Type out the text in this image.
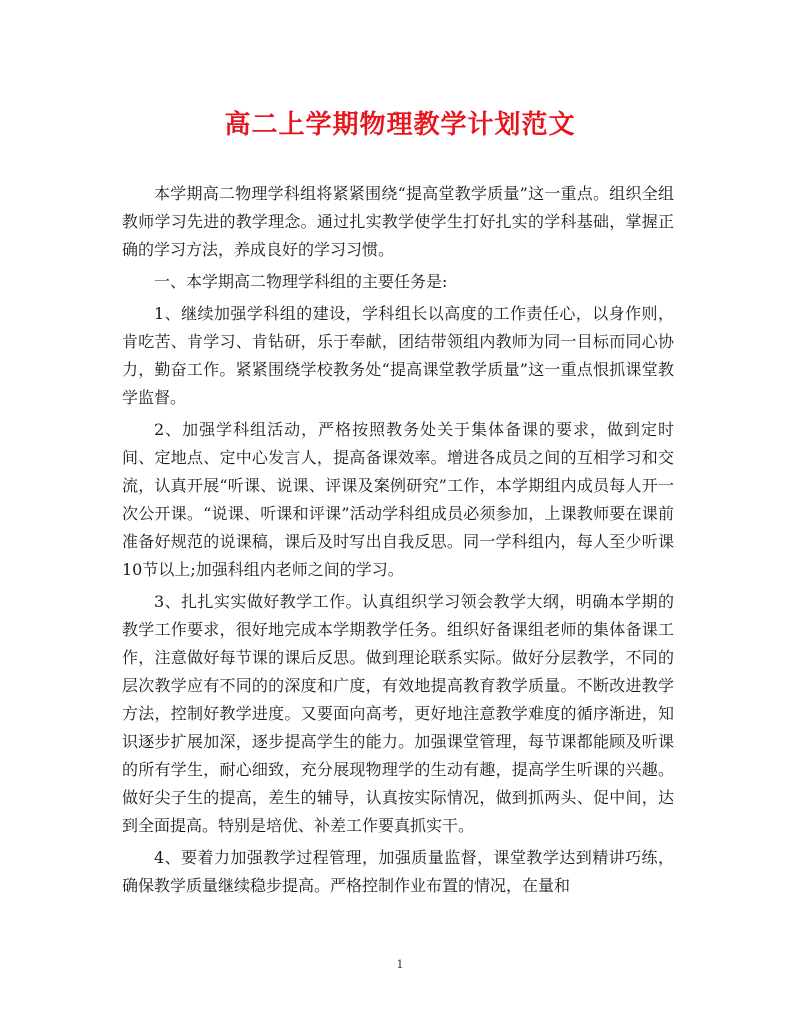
高二上学期物理教学计划范文

本学期高二物理学科组将紧紧围绕“提高堂教学质量”这一重点。组织全组教师学习先进的教学理念。通过扎实教学使学生打好扎实的学科基础，掌握正确的学习方法，养成良好的学习习惯。

一、本学期高二物理学科组的主要任务是:

1、继续加强学科组的建设，学科组长以高度的工作责任心，以身作则，肯吃苦、肯学习、肯钻研，乐于奉献，团结带领组内教师为同一目标而同心协力，勤奋工作。紧紧围绕学校教务处“提高课堂教学质量”这一重点恨抓课堂教学监督。

2、加强学科组活动，严格按照教务处关于集体备课的要求，做到定时间、定地点、定中心发言人，提高备课效率。增进各成员之间的互相学习和交流，认真开展“听课、说课、评课及案例研究”工作，本学期组内成员每人开一次公开课。“说课、听课和评课”活动学科组成员必须参加，上课教师要在课前准备好规范的说课稿，课后及时写出自我反思。同一学科组内，每人至少听课10节以上;加强科组内老师之间的学习。

3、扎扎实实做好教学工作。认真组织学习领会教学大纲，明确本学期的教学工作要求，很好地完成本学期教学任务。组织好备课组老师的集体备课工作，注意做好每节课的课后反思。做到理论联系实际。做好分层教学，不同的层次教学应有不同的的深度和广度，有效地提高教育教学质量。不断改进教学方法，控制好教学进度。又要面向高考，更好地注意教学难度的循序渐进，知识逐步扩展加深，逐步提高学生的能力。加强课堂管理，每节课都能顾及听课的所有学生，耐心细致，充分展现物理学的生动有趣，提高学生听课的兴趣。做好尖子生的提高，差生的辅导，认真按实际情况，做到抓两头、促中间，达到全面提高。特别是培优、补差工作要真抓实干。

4、要着力加强教学过程管理，加强质量监督，课堂教学达到精讲巧练，确保教学质量继续稳步提高。严格控制作业布置的情况，在量和

1
